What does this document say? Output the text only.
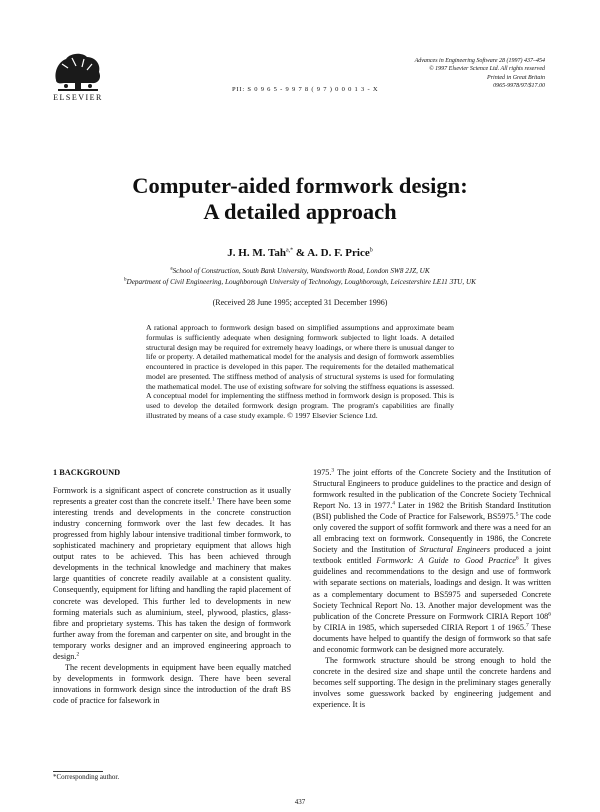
ELSEVIER
PII: S 0 9 6 5 - 9 9 7 8 ( 9 7 ) 0 0 0 1 3 - X
Advances in Engineering Software 28 (1997) 437–454
© 1997 Elsevier Science Ltd. All rights reserved
Printed in Great Britain
0965-9978/97/$17.00
Computer-aided formwork design:
A detailed approach
J. H. M. Tah$^{a,*}$ & A. D. F. Price$^b$
$^a$School of Construction, South Bank University, Wandsworth Road, London SW8 2JZ, UK
$^b$Department of Civil Engineering, Loughborough University of Technology, Loughborough, Leicestershire LE11 3TU, UK
(Received 28 June 1995; accepted 31 December 1996)
A rational approach to formwork design based on simplified assumptions and approximate beam formulas is sufficiently adequate when designing formwork subjected to light loads. A detailed structural design may be required for extremely heavy loadings, or where there is unusual danger to life or property. A detailed mathematical model for the analysis and design of formwork assemblies encountered in practice is developed in this paper. The requirements for the detailed mathematical model are presented. The stiffness method of analysis of structural systems is used for formulating the mathematical model. The use of existing software for solving the stiffness equations is assessed. A conceptual model for implementing the stiffness method in formwork design is proposed. This is used to develop the detailed formwork design program. The program's capabilities are finally illustrated by means of a case study example. © 1997 Elsevier Science Ltd.
1 BACKGROUND

Formwork is a significant aspect of concrete construction as it usually represents a greater cost than the concrete itself.$^1$ There have been some interesting trends and developments in the concrete construction industry concerning formwork over the last few decades. It has progressed from highly labour intensive traditional timber formwork, to sophisticated machinery and proprietary equipment that allows high output rates to be achieved. This has been achieved through developments in the technical knowledge and machinery that makes large quantities of concrete readily available at a consistent quality. Consequently, equipment for lifting and handling the rapid placement of concrete was developed. This further led to developments in new forming materials such as aluminium, steel, plywood, plastics, glass-fibre and proprietary systems. This has taken the design of formwork further away from the foreman and carpenter on site, and brought in the temporary works designer and an improved engineering approach to design.$^2$

The recent developments in equipment have been equally matched by developments in formwork design. There have been several innovations in formwork design since the introduction of the draft BS code of practice for falsework in

1975.$^3$ The joint efforts of the Concrete Society and the Institution of Structural Engineers to produce guidelines to the practice and design of formwork resulted in the publication of the Concrete Society Technical Report No. 13 in 1977.$^4$ Later in 1982 the British Standard Institution (BSI) published the Code of Practice for Falsework, BS5975.$^5$ The code only covered the support of soffit formwork and there was a need for an all embracing text on formwork. Consequently in 1986, the Concrete Society and the Institution of Structural Engineers produced a joint textbook entitled Formwork: A Guide to Good Practice$^6$ It gives guidelines and recommendations to the design and use of formwork with separate sections on materials, loadings and design. It was written as a complementary document to BS5975 and superseded Concrete Society Technical Report No. 13. Another major development was the publication of the Concrete Pressure on Formwork CIRIA Report $108^6$ by CIRIA in 1985, which superseded CIRIA Report 1 of 1965.$^7$ These documents have helped to quantify the design of formwork so that safe and economic formwork can be designed more accurately.

The formwork structure should be strong enough to hold the concrete in the desired size and shape until the concrete hardens and becomes self supporting. The design in the preliminary stages generally involves some guesswork backed by engineering judgement and experience. It is

*Corresponding author.
437
